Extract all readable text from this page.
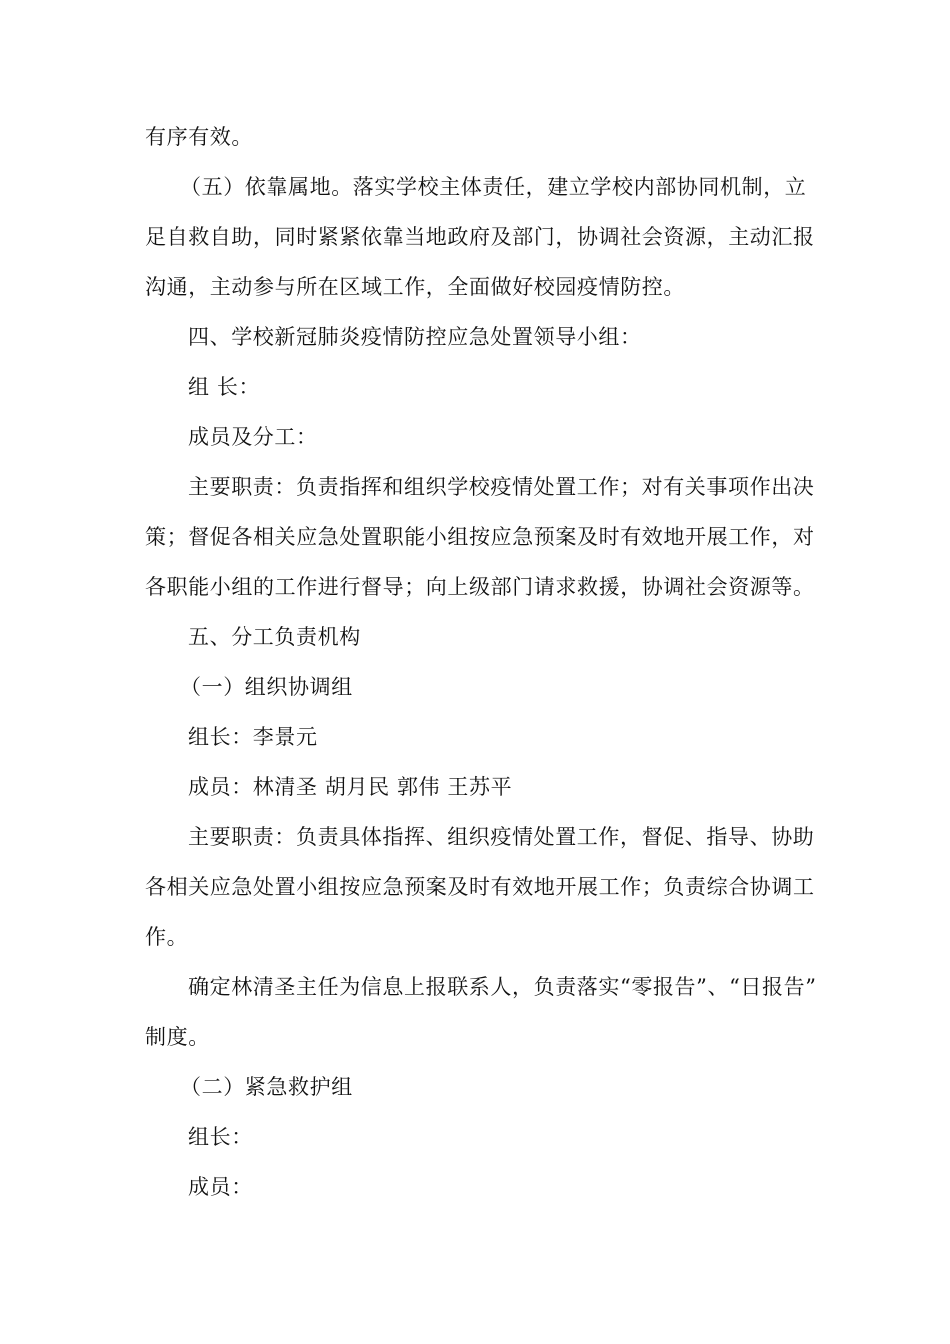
有序有效。
（五）依靠属地。落实学校主体责任，建立学校内部协同机制，立
足自救自助，同时紧紧依靠当地政府及部门，协调社会资源，主动汇报
沟通，主动参与所在区域工作，全面做好校园疫情防控。
四、学校新冠肺炎疫情防控应急处置领导小组：
组 长：
成员及分工：
主要职责：负责指挥和组织学校疫情处置工作；对有关事项作出决
策；督促各相关应急处置职能小组按应急预案及时有效地开展工作，对
各职能小组的工作进行督导；向上级部门请求救援，协调社会资源等。
五、分工负责机构
（一）组织协调组
组长：李景元
成员：林清圣 胡月民 郭伟 王苏平
主要职责：负责具体指挥、组织疫情处置工作，督促、指导、协助
各相关应急处置小组按应急预案及时有效地开展工作；负责综合协调工
作。
确定林清圣主任为信息上报联系人，负责落实“零报告”、“日报告”
制度。
（二）紧急救护组
组长：
成员：
